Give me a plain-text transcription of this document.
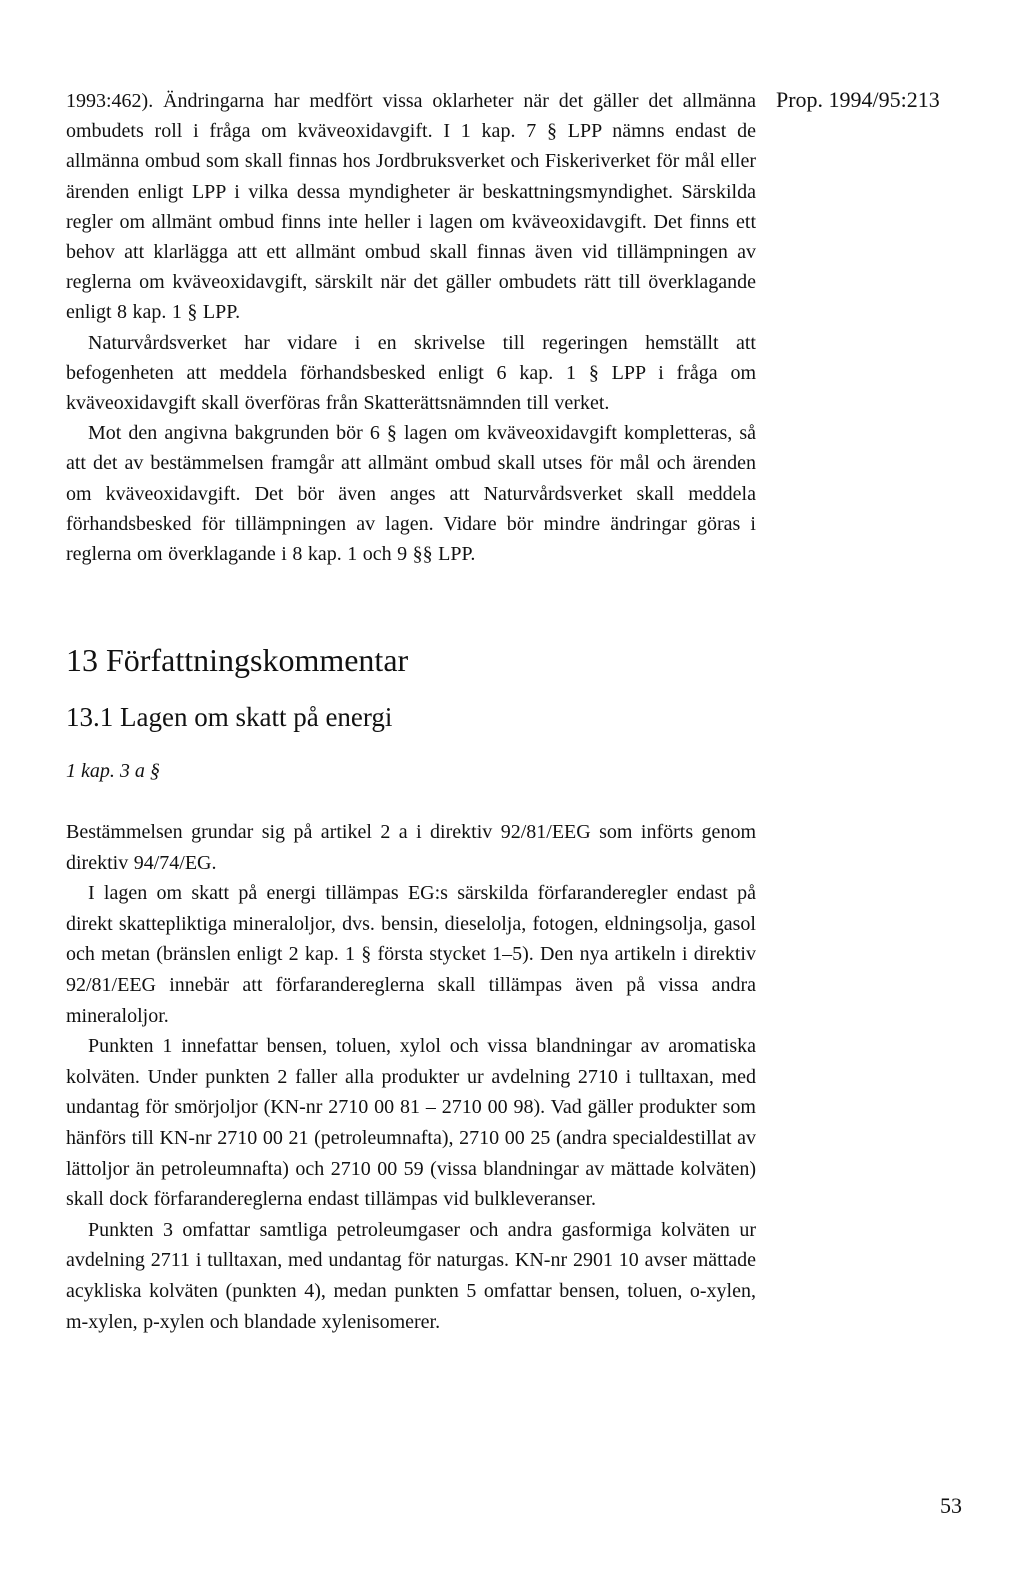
Prop. 1994/95:213

1993:462). Ändringarna har medfört vissa oklarheter när det gäller det allmänna ombudets roll i fråga om kväveoxidavgift. I 1 kap. 7 § LPP nämns endast de allmänna ombud som skall finnas hos Jordbruksverket och Fiskeriverket för mål eller ärenden enligt LPP i vilka dessa myndigheter är beskattningsmyndighet. Särskilda regler om allmänt ombud finns inte heller i lagen om kväveoxidavgift. Det finns ett behov att klarlägga att ett allmänt ombud skall finnas även vid tillämpningen av reglerna om kväveoxidavgift, särskilt när det gäller ombudets rätt till överklagande enligt 8 kap. 1 § LPP.

Naturvårdsverket har vidare i en skrivelse till regeringen hemställt att befogenheten att meddela förhandsbesked enligt 6 kap. 1 § LPP i fråga om kväveoxidavgift skall överföras från Skatterättsnämnden till verket.

Mot den angivna bakgrunden bör 6 § lagen om kväveoxidavgift kompletteras, så att det av bestämmelsen framgår att allmänt ombud skall utses för mål och ärenden om kväveoxidavgift. Det bör även anges att Naturvårdsverket skall meddela förhandsbesked för tillämpningen av lagen. Vidare bör mindre ändringar göras i reglerna om överklagande i 8 kap. 1 och 9 §§ LPP.

13 Författningskommentar
13.1 Lagen om skatt på energi
1 kap. 3 a §

Bestämmelsen grundar sig på artikel 2 a i direktiv 92/81/EEG som införts genom direktiv 94/74/EG.

I lagen om skatt på energi tillämpas EG:s särskilda förfaranderegler endast på direkt skattepliktiga mineraloljor, dvs. bensin, dieselolja, fotogen, eldningsolja, gasol och metan (bränslen enligt 2 kap. 1 § första stycket 1–5). Den nya artikeln i direktiv 92/81/EEG innebär att förfarandereglerna skall tillämpas även på vissa andra mineraloljor.

Punkten 1 innefattar bensen, toluen, xylol och vissa blandningar av aromatiska kolväten. Under punkten 2 faller alla produkter ur avdelning 2710 i tulltaxan, med undantag för smörjoljor (KN-nr 2710 00 81 – 2710 00 98). Vad gäller produkter som hänförs till KN-nr 2710 00 21 (petroleumnafta), 2710 00 25 (andra specialdestillat av lättoljor än petroleumnafta) och 2710 00 59 (vissa blandningar av mättade kolväten) skall dock förfarandereglerna endast tillämpas vid bulkleveranser.

Punkten 3 omfattar samtliga petroleumgaser och andra gasformiga kolväten ur avdelning 2711 i tulltaxan, med undantag för naturgas. KN-nr 2901 10 avser mättade acykliska kolväten (punkten 4), medan punkten 5 omfattar bensen, toluen, o-xylen, m-xylen, p-xylen och blandade xylenisomerer.

53
